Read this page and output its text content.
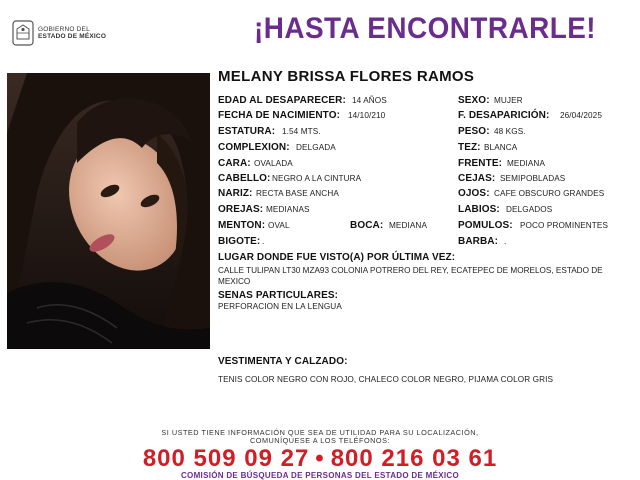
GOBIERNO DEL
ESTADO DE MÉXICO	¡HASTA ENCONTRARLE!
MELANY BRISSA FLORES RAMOS
EDAD AL DESAPARECER: 14 AÑOS	SEXO: MUJER
FECHA DE NACIMIENTO: 14/10/210	F. DESAPARICIÓN: 26/04/2025
ESTATURA: 1.54 MTS.	PESO: 48 KGS.
COMPLEXION: DELGADA	TEZ: BLANCA
CARA: OVALADA	FRENTE: MEDIANA
CABELLO: NEGRO A LA CINTURA	CEJAS: SEMIPOBLADAS
NARIZ: RECTA BASE ANCHA	OJOS: CAFE OBSCURO GRANDES
OREJAS: MEDIANAS	LABIOS: DELGADOS
MENTON: OVAL	BOCA: MEDIANA	POMULOS: POCO PROMINENTES
BIGOTE: .	BARBA: .
LUGAR DONDE FUE VISTO(A) POR ÚLTIMA VEZ:
CALLE TULIPAN LT30 MZA93 COLONIA POTRERO DEL REY, ECATEPEC DE MORELOS, ESTADO DE MEXICO
SENAS PARTICULARES:
PERFORACION EN LA LENGUA
VESTIMENTA Y CALZADO:
TENIS COLOR NEGRO CON ROJO, CHALECO COLOR NEGRO, PIJAMA COLOR GRIS
SI USTED TIENE INFORMACIÓN QUE SEA DE UTILIDAD PARA SU LOCALIZACIÓN,
COMUNÍQUESE A LOS TELÉFONOS:
800 509 09 27 • 800 216 03 61
COMISIÓN DE BÚSQUEDA DE PERSONAS DEL ESTADO DE MÉXICO
